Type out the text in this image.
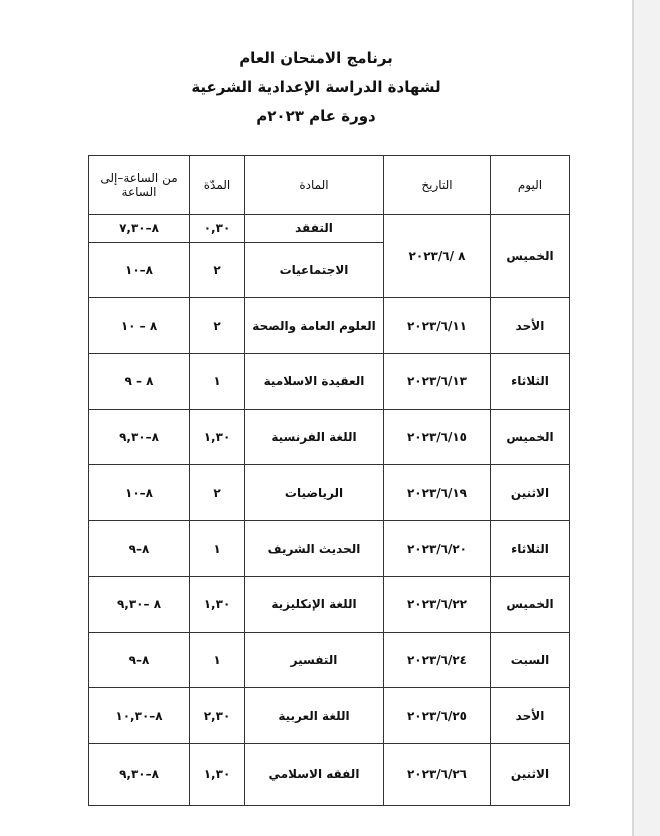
برنامج الامتحان العام
لشهادة الدراسة الإعدادية الشرعية
دورة عام ٢٠٢٣م
اليوم	التاريخ	المادة	المدّة	من الساعة–إلى الساعة
الخميس	٨ /٢٠٢٣/٦	التفقد	٠,٣٠	٨–٧,٣٠
		الاجتماعيات	٢	٨–١٠
الأحد	٢٠٢٣/٦/١١	العلوم العامة والصحة	٢	٨ – ١٠
الثلاثاء	٢٠٢٣/٦/١٣	العقيدة الاسلامية	١	٨ – ٩
الخميس	٢٠٢٣/٦/١٥	اللغة الفرنسية	١,٣٠	٨–٩,٣٠
الاثنين	٢٠٢٣/٦/١٩	الرياضيات	٢	٨–١٠
الثلاثاء	٢٠٢٣/٦/٢٠	الحديث الشريف	١	٨–٩
الخميس	٢٠٢٣/٦/٢٢	اللغة الإنكليزية	١,٣٠	٨ –٩,٣٠
السبت	٢٠٢٣/٦/٢٤	التفسير	١	٨–٩
الأحد	٢٠٢٣/٦/٢٥	اللغة العربية	٢,٣٠	٨–١٠,٣٠
الاثنين	٢٠٢٣/٦/٢٦	الفقه الاسلامي	١,٣٠	٨–٩,٣٠
